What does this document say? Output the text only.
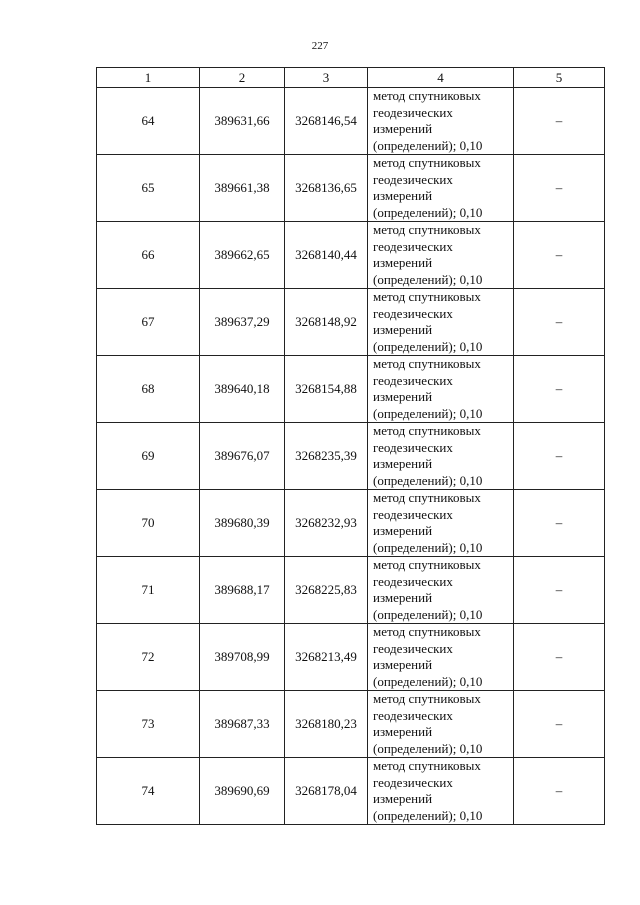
227
1	2	3	4	5
64	389631,66	3268146,54	метод спутниковых
геодезических
измерений
(определений); 0,10	–
65	389661,38	3268136,65	метод спутниковых
геодезических
измерений
(определений); 0,10	–
66	389662,65	3268140,44	метод спутниковых
геодезических
измерений
(определений); 0,10	–
67	389637,29	3268148,92	метод спутниковых
геодезических
измерений
(определений); 0,10	–
68	389640,18	3268154,88	метод спутниковых
геодезических
измерений
(определений); 0,10	–
69	389676,07	3268235,39	метод спутниковых
геодезических
измерений
(определений); 0,10	–
70	389680,39	3268232,93	метод спутниковых
геодезических
измерений
(определений); 0,10	–
71	389688,17	3268225,83	метод спутниковых
геодезических
измерений
(определений); 0,10	–
72	389708,99	3268213,49	метод спутниковых
геодезических
измерений
(определений); 0,10	–
73	389687,33	3268180,23	метод спутниковых
геодезических
измерений
(определений); 0,10	–
74	389690,69	3268178,04	метод спутниковых
геодезических
измерений
(определений); 0,10	–
